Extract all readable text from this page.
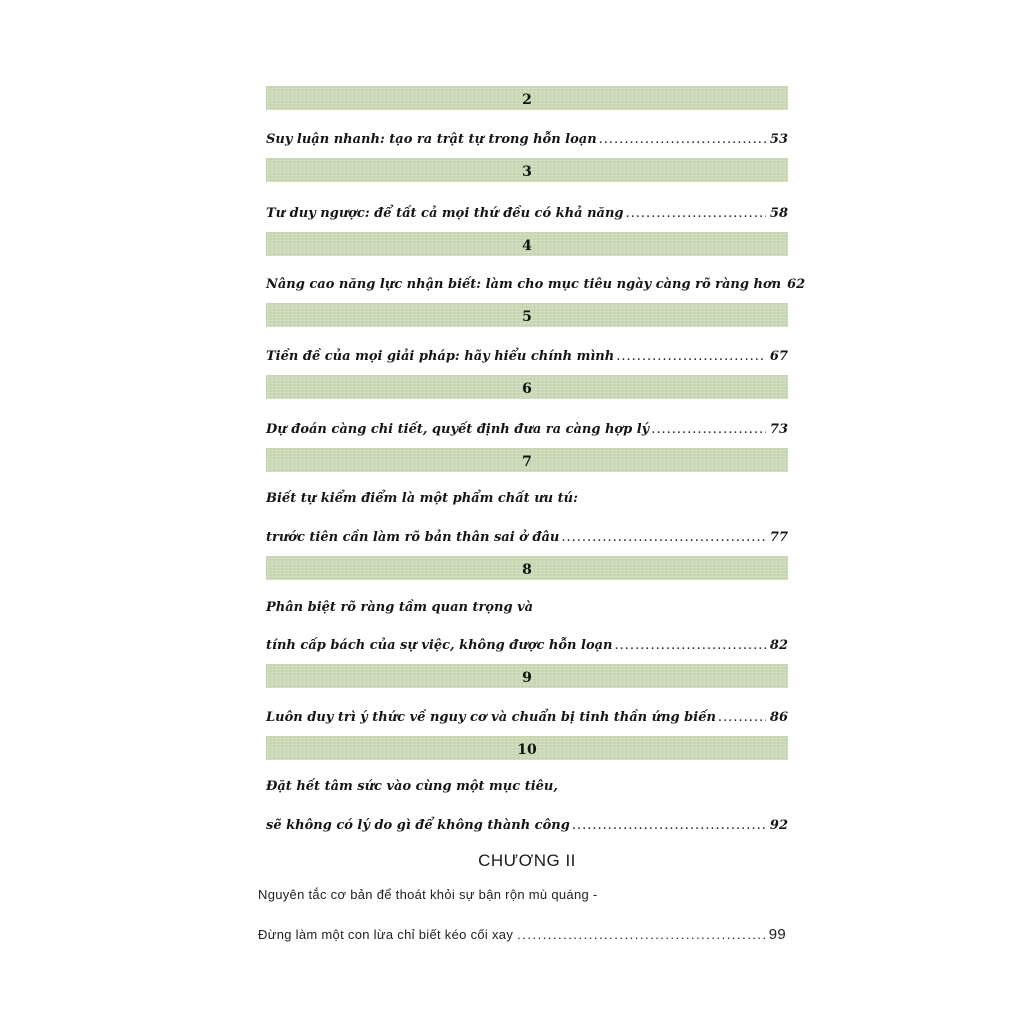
2
Suy luận nhanh: tạo ra trật tự trong hỗn loạn .....	53
3
Tư duy ngược: để tất cả mọi thứ đều có khả năng .....	58
4
Nâng cao năng lực nhận biết: làm cho mục tiêu ngày càng rõ ràng hơn 62
5
Tiền đề của mọi giải pháp: hãy hiểu chính mình .....	67
6
Dự đoán càng chi tiết, quyết định đưa ra càng hợp lý .....	73
7
Biết tự kiểm điểm là một phẩm chất ưu tú:
trước tiên cần làm rõ bản thân sai ở đâu .....	77
8
Phân biệt rõ ràng tầm quan trọng và
tính cấp bách của sự việc, không được hỗn loạn .....	82
9
Luôn duy trì ý thức về nguy cơ và chuẩn bị tinh thần ứng biến .....	86
10
Đặt hết tâm sức vào cùng một mục tiêu,
sẽ không có lý do gì để không thành công .....	92
CHƯƠNG II
Nguyên tắc cơ bản để thoát khỏi sự bận rộn mù quáng -
Đừng làm một con lừa chỉ biết kéo cối xay .....	99
